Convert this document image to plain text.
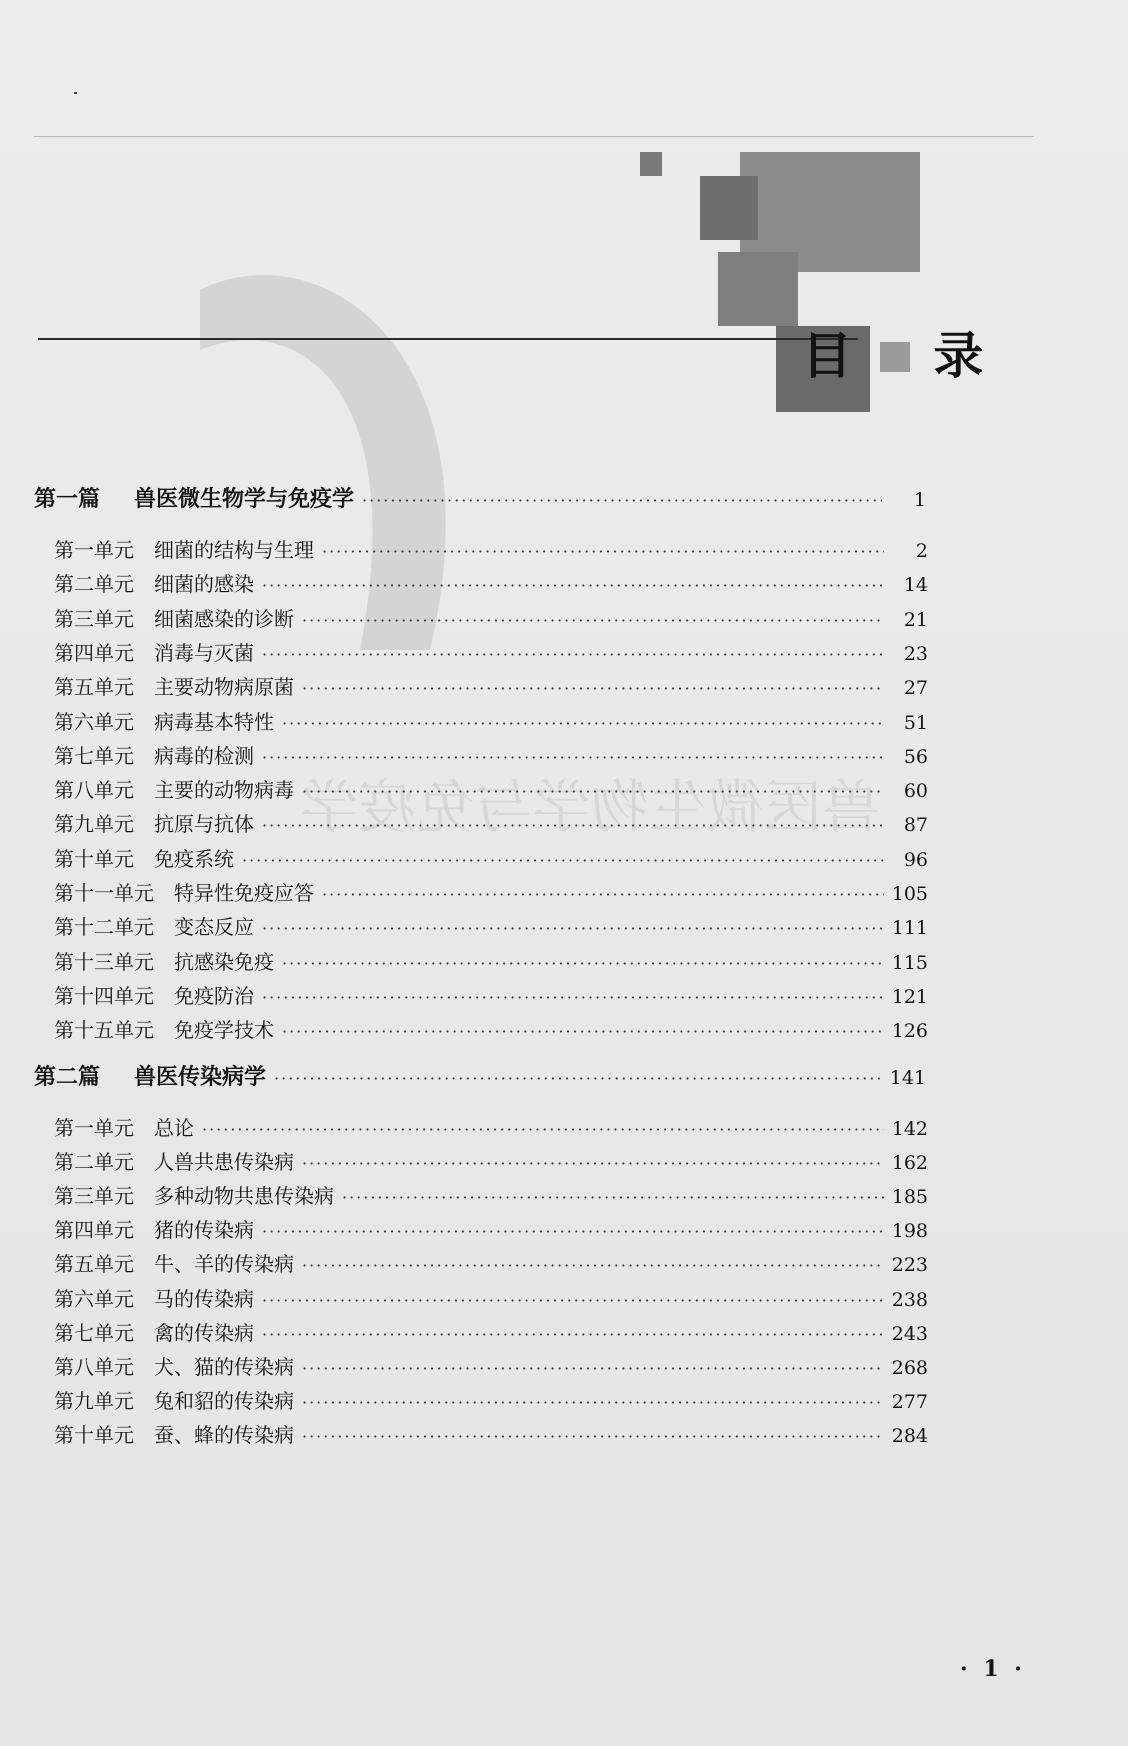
兽医微生物学与免疫学
目 录
第一篇	兽医微生物学与免疫学 ·····	1
第一单元	细菌的结构与生理 ·····	2
第二单元	细菌的感染 ·····	14
第三单元	细菌感染的诊断 ·····	21
第四单元	消毒与灭菌 ·····	23
第五单元	主要动物病原菌 ·····	27
第六单元	病毒基本特性 ·····	51
第七单元	病毒的检测 ·····	56
第八单元	主要的动物病毒 ·····	60
第九单元	抗原与抗体 ·····	87
第十单元	免疫系统 ·····	96
第十一单元	特异性免疫应答 ·····	105
第十二单元	变态反应 ·····	111
第十三单元	抗感染免疫 ·····	115
第十四单元	免疫防治 ·····	121
第十五单元	免疫学技术 ·····	126
第二篇	兽医传染病学 ·····	141
第一单元	总论 ·····	142
第二单元	人兽共患传染病 ·····	162
第三单元	多种动物共患传染病 ·····	185
第四单元	猪的传染病 ·····	198
第五单元	牛、羊的传染病 ·····	223
第六单元	马的传染病 ·····	238
第七单元	禽的传染病 ·····	243
第八单元	犬、猫的传染病 ·····	268
第九单元	兔和貂的传染病 ·····	277
第十单元	蚕、蜂的传染病 ·····	284
· 1 ·
